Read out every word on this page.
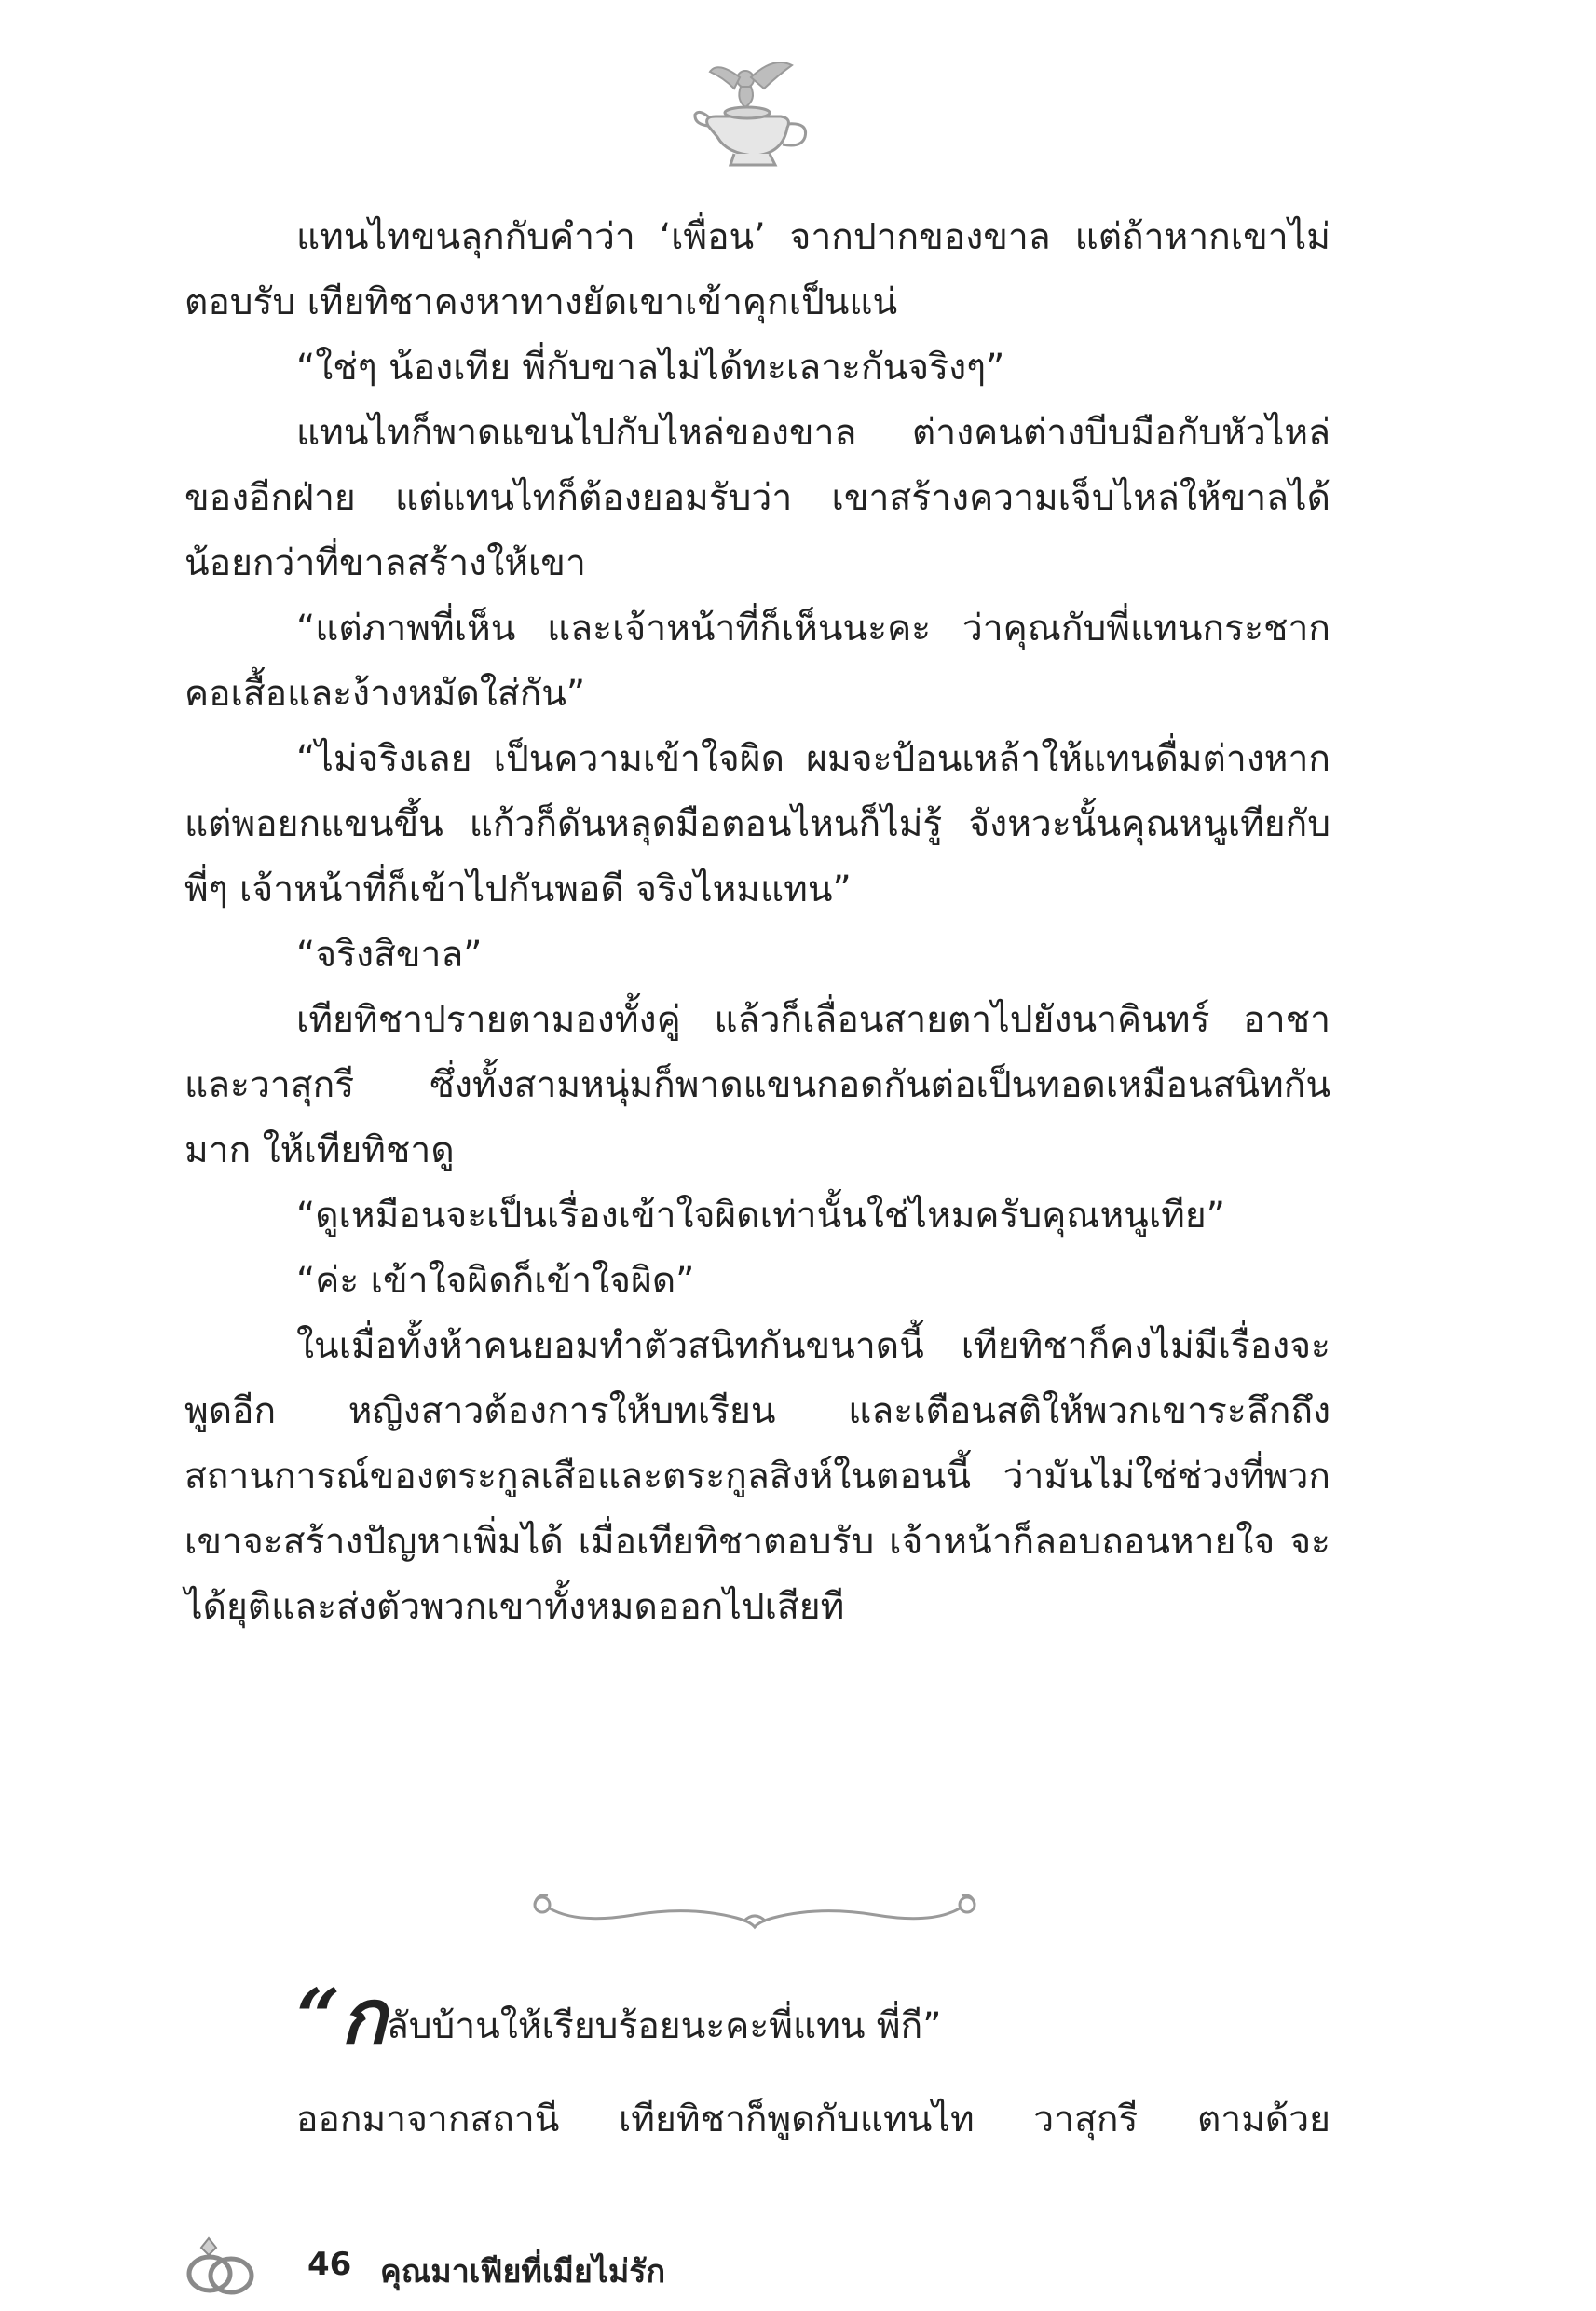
แทนไทขนลุกกับคำว่า ‘เพื่อน’ จากปากของขาล แต่ถ้าหากเขาไม่ตอบรับ เทียทิชาคงหาทางยัดเขาเข้าคุกเป็นแน่
“ใช่ๆ น้องเทีย พี่กับขาลไม่ได้ทะเลาะกันจริงๆ”
แทนไทก็พาดแขนไปกับไหล่ของขาล ต่างคนต่างบีบมือกับหัวไหล่ของอีกฝ่าย แต่แทนไทก็ต้องยอมรับว่า เขาสร้างความเจ็บไหล่ให้ขาลได้น้อยกว่าที่ขาลสร้างให้เขา
“แต่ภาพที่เห็น และเจ้าหน้าที่ก็เห็นนะคะ ว่าคุณกับพี่แทนกระชากคอเสื้อและง้างหมัดใส่กัน”
“ไม่จริงเลย เป็นความเข้าใจผิด ผมจะป้อนเหล้าให้แทนดื่มต่างหาก แต่พอยกแขนขึ้น แก้วก็ดันหลุดมือตอนไหนก็ไม่รู้ จังหวะนั้นคุณหนูเทียกับพี่ๆ เจ้าหน้าที่ก็เข้าไปกันพอดี จริงไหมแทน”
“จริงสิขาล”
เทียทิชาปรายตามองทั้งคู่ แล้วก็เลื่อนสายตาไปยังนาคินทร์ อาชา และวาสุกรี ซึ่งทั้งสามหนุ่มก็พาดแขนกอดกันต่อเป็นทอดเหมือนสนิทกันมาก ให้เทียทิชาดู
“ดูเหมือนจะเป็นเรื่องเข้าใจผิดเท่านั้นใช่ไหมครับคุณหนูเทีย”
“ค่ะ เข้าใจผิดก็เข้าใจผิด”
ในเมื่อทั้งห้าคนยอมทำตัวสนิทกันขนาดนี้ เทียทิชาก็คงไม่มีเรื่องจะพูดอีก หญิงสาวต้องการให้บทเรียน และเตือนสติให้พวกเขาระลึกถึงสถานการณ์ของตระกูลเสือและตระกูลสิงห์ในตอนนี้ ว่ามันไม่ใช่ช่วงที่พวกเขาจะสร้างปัญหาเพิ่มได้ เมื่อเทียทิชาตอบรับ เจ้าหน้าก็ลอบถอนหายใจ จะได้ยุติและส่งตัวพวกเขาทั้งหมดออกไปเสียที
“กลับบ้านให้เรียบร้อยนะคะพี่แทน พี่กี”
ออกมาจากสถานี เทียทิชาก็พูดกับแทนไท วาสุกรี ตามด้วย
46 คุณมาเฟียที่เมียไม่รัก
